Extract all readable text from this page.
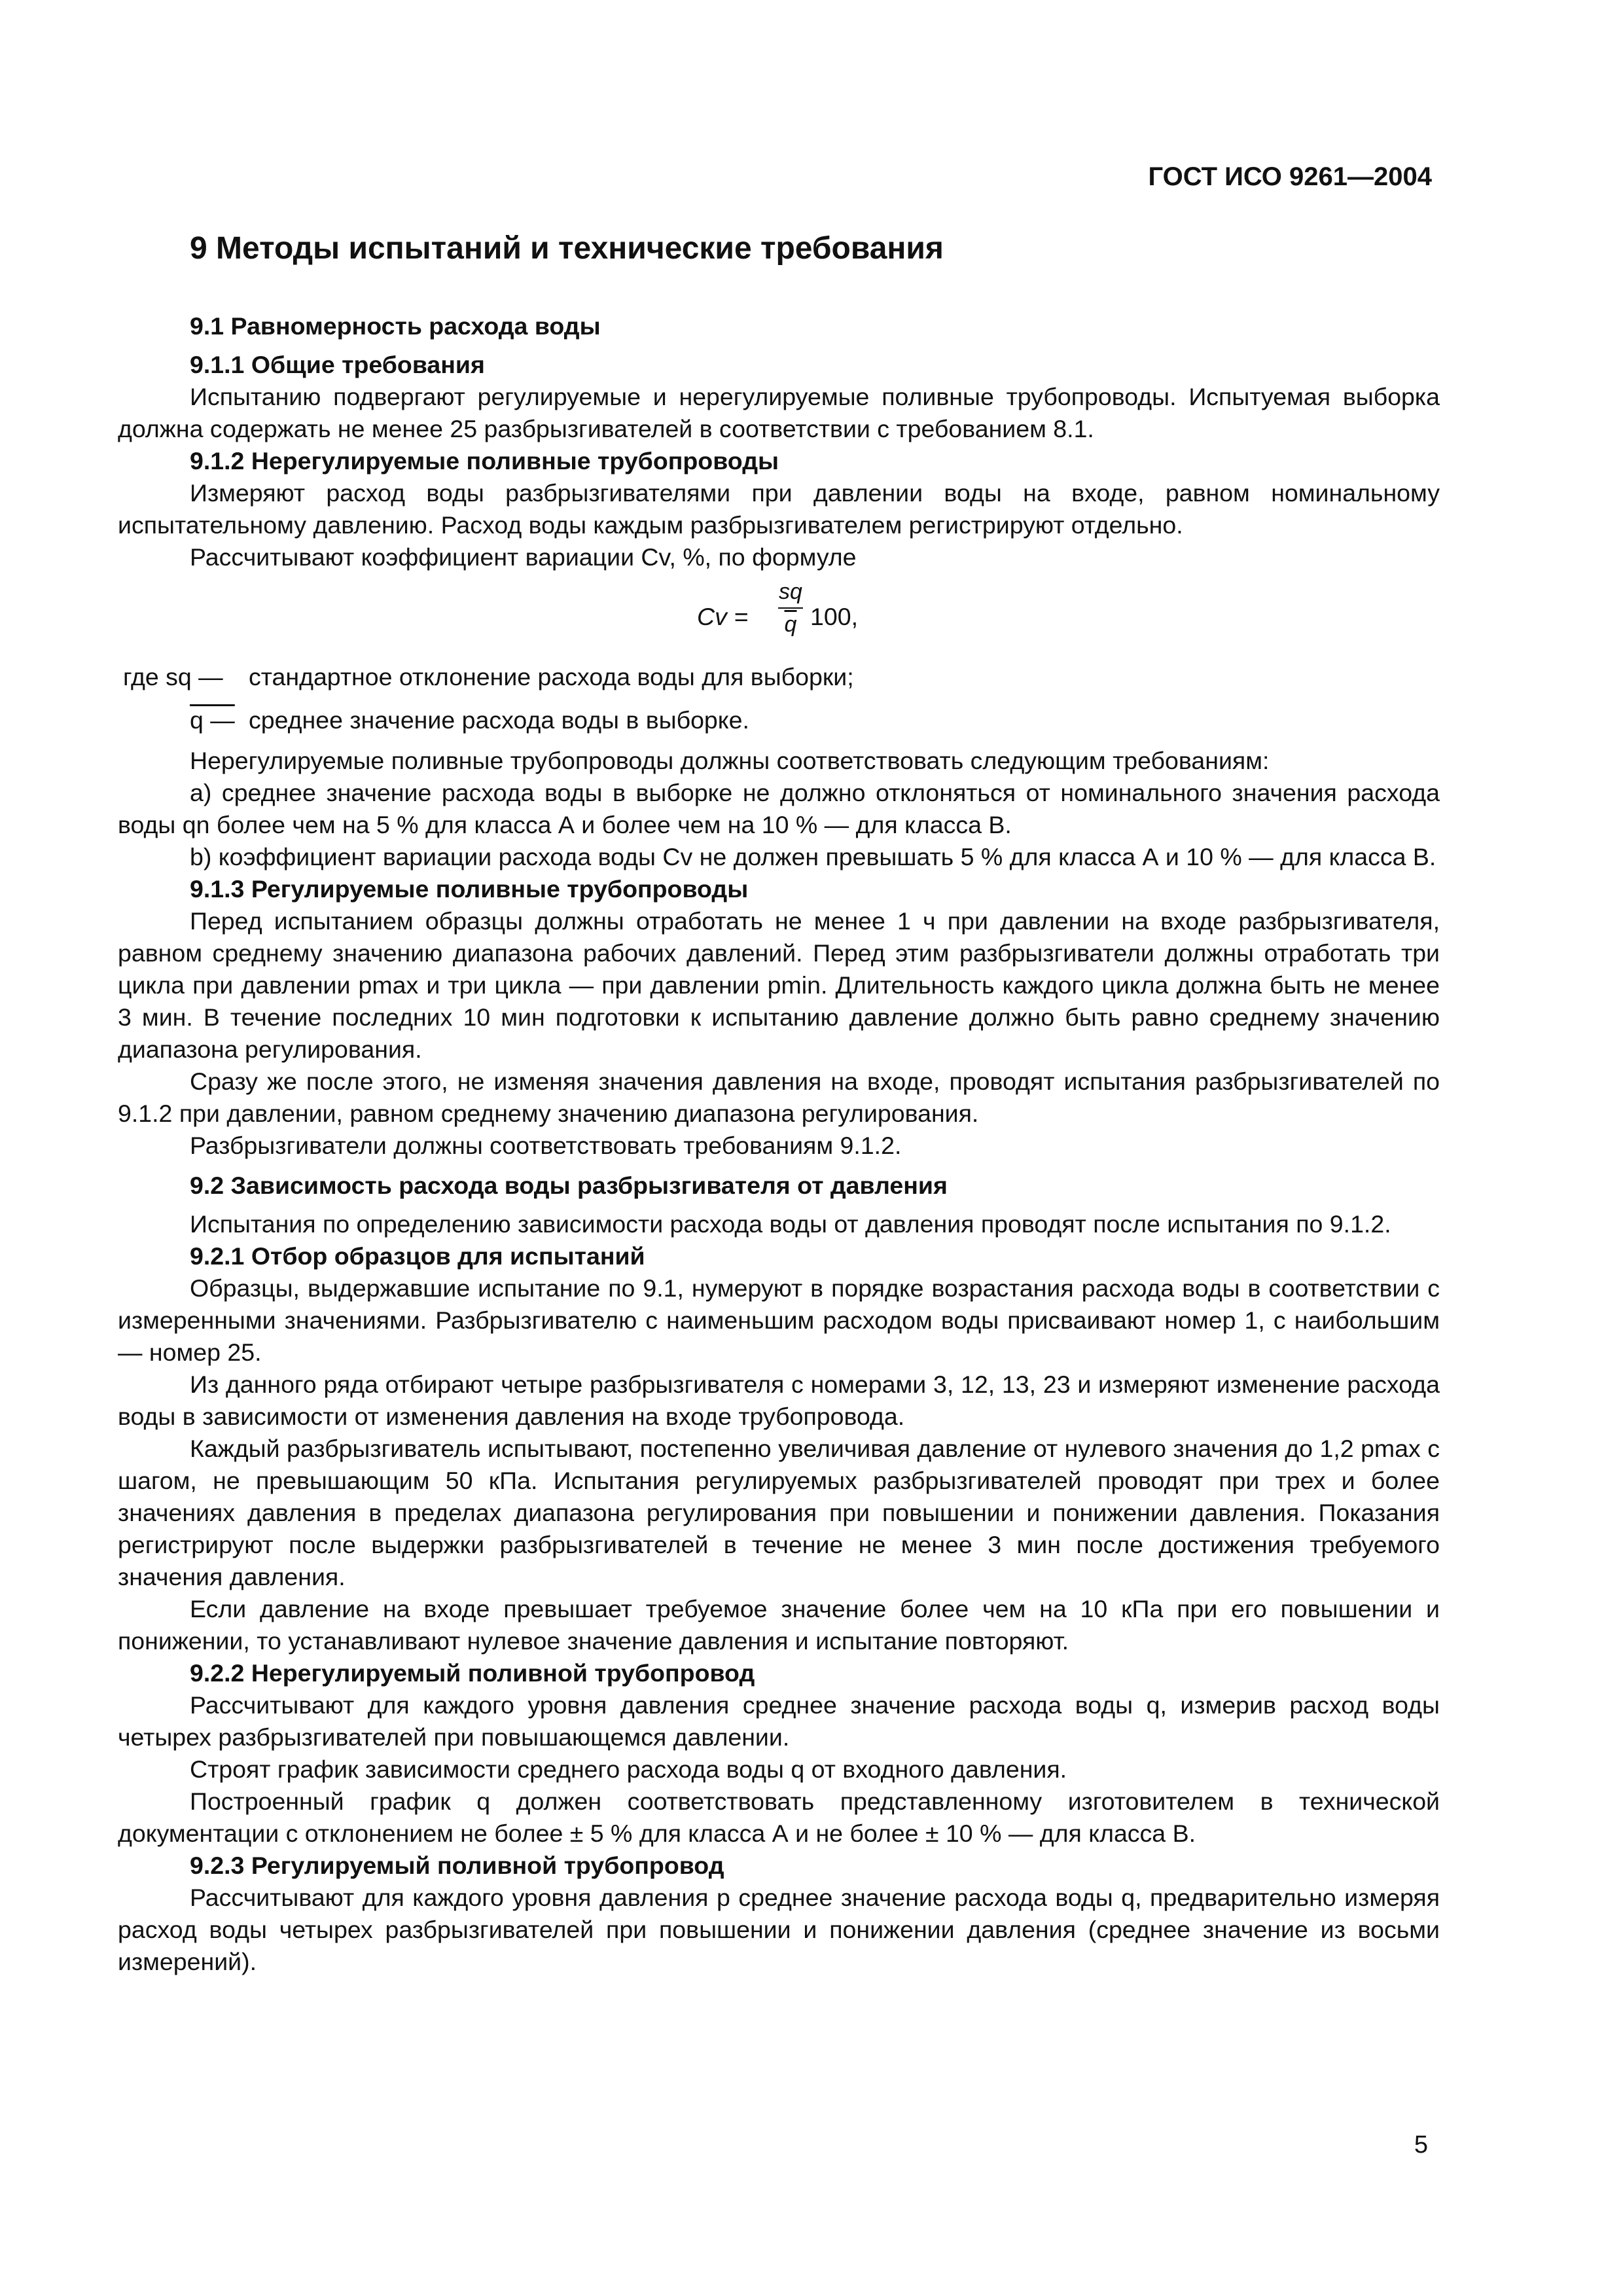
ГОСТ ИСО 9261—2004
9 Методы испытаний и технические требования
9.1 Равномерность расхода воды
9.1.1 Общие требования

Испытанию подвергают регулируемые и нерегулируемые поливные трубопроводы. Испытуемая выборка должна содержать не менее 25 разбрызгивателей в соответствии с требованием 8.1.

9.1.2 Нерегулируемые поливные трубопроводы

Измеряют расход воды разбрызгивателями при давлении воды на входе, равном номинальному испытательному давлению. Расход воды каждым разбрызгивателем регистрируют отдельно.

Рассчитывают коэффициент вариации Cv, %, по формуле

$Cv = \frac{sq}{q} 100$,
где sq — стандартное отклонение расхода воды для выборки;
q — среднее значение расхода воды в выборке.

Нерегулируемые поливные трубопроводы должны соответствовать следующим требованиям:

a) среднее значение расхода воды в выборке не должно отклоняться от номинального значения расхода воды qn более чем на 5 % для класса А и более чем на 10 % — для класса В.

b) коэффициент вариации расхода воды Cv не должен превышать 5 % для класса А и 10 % — для класса В.

9.1.3 Регулируемые поливные трубопроводы

Перед испытанием образцы должны отработать не менее 1 ч при давлении на входе разбрызгивателя, равном среднему значению диапазона рабочих давлений. Перед этим разбрызгиватели должны отработать три цикла при давлении pmax и три цикла — при давлении pmin. Длительность каждого цикла должна быть не менее 3 мин. В течение последних 10 мин подготовки к испытанию давление должно быть равно среднему значению диапазона регулирования.

Сразу же после этого, не изменяя значения давления на входе, проводят испытания разбрызгивателей по 9.1.2 при давлении, равном среднему значению диапазона регулирования.

Разбрызгиватели должны соответствовать требованиям 9.1.2.

9.2 Зависимость расхода воды разбрызгивателя от давления

Испытания по определению зависимости расхода воды от давления проводят после испытания по 9.1.2.

9.2.1 Отбор образцов для испытаний

Образцы, выдержавшие испытание по 9.1, нумеруют в порядке возрастания расхода воды в соответствии с измеренными значениями. Разбрызгивателю с наименьшим расходом воды присваивают номер 1, с наибольшим — номер 25.

Из данного ряда отбирают четыре разбрызгивателя с номерами 3, 12, 13, 23 и измеряют изменение расхода воды в зависимости от изменения давления на входе трубопровода.

Каждый разбрызгиватель испытывают, постепенно увеличивая давление от нулевого значения до 1,2 pmax с шагом, не превышающим 50 кПа. Испытания регулируемых разбрызгивателей проводят при трех и более значениях давления в пределах диапазона регулирования при повышении и понижении давления. Показания регистрируют после выдержки разбрызгивателей в течение не менее 3 мин после достижения требуемого значения давления.

Если давление на входе превышает требуемое значение более чем на 10 кПа при его повышении и понижении, то устанавливают нулевое значение давления и испытание повторяют.

9.2.2 Нерегулируемый поливной трубопровод

Рассчитывают для каждого уровня давления среднее значение расхода воды q, измерив расход воды четырех разбрызгивателей при повышающемся давлении.

Строят график зависимости среднего расхода воды q от входного давления.

Построенный график q должен соответствовать представленному изготовителем в технической документации с отклонением не более ± 5 % для класса А и не более ± 10 % — для класса В.

9.2.3 Регулируемый поливной трубопровод

Рассчитывают для каждого уровня давления p среднее значение расхода воды q, предварительно измеряя расход воды четырех разбрызгивателей при повышении и понижении давления (среднее значение из восьми измерений).

5
